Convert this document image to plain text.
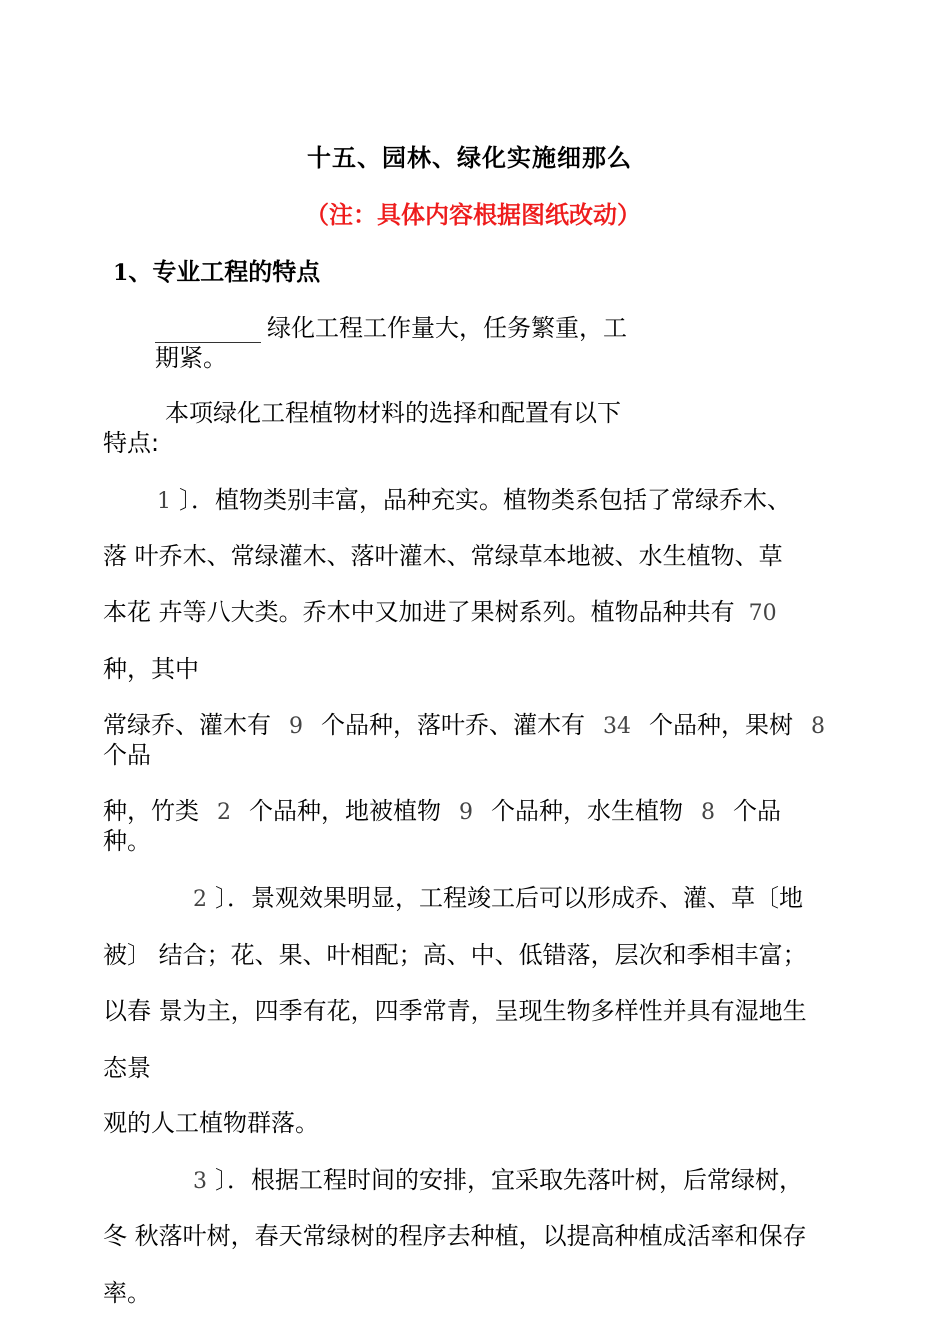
十五、园林、绿化实施细那么
（注：具体内容根据图纸改动）
1、专业工程的特点
绿化工程工作量大，任务繁重，工
期紧。
本项绿化工程植物材料的选择和配置有以下
特点:
1 〕．植物类别丰富，品种充实。植物类系包括了常绿乔木、
落 叶乔木、常绿灌木、落叶灌木、常绿草本地被、水生植物、草
本花 卉等八大类。乔木中又加进了果树系列。植物品种共有 70
种，其中
常绿乔、灌木有 9 个品种，落叶乔、灌木有 34 个品种，果树 8
个品
种，竹类 2 个品种，地被植物 9 个品种，水生植物 8 个品
种。
2 〕．景观效果明显，工程竣工后可以形成乔、灌、草〔地
被〕 结合；花、果、叶相配；高、中、低错落，层次和季相丰富；
以春 景为主，四季有花，四季常青，呈现生物多样性并具有湿地生
态景
观的人工植物群落。
3 〕．根据工程时间的安排，宜采取先落叶树，后常绿树，
冬 秋落叶树，春天常绿树的程序去种植，以提高种植成活率和保存
率。
